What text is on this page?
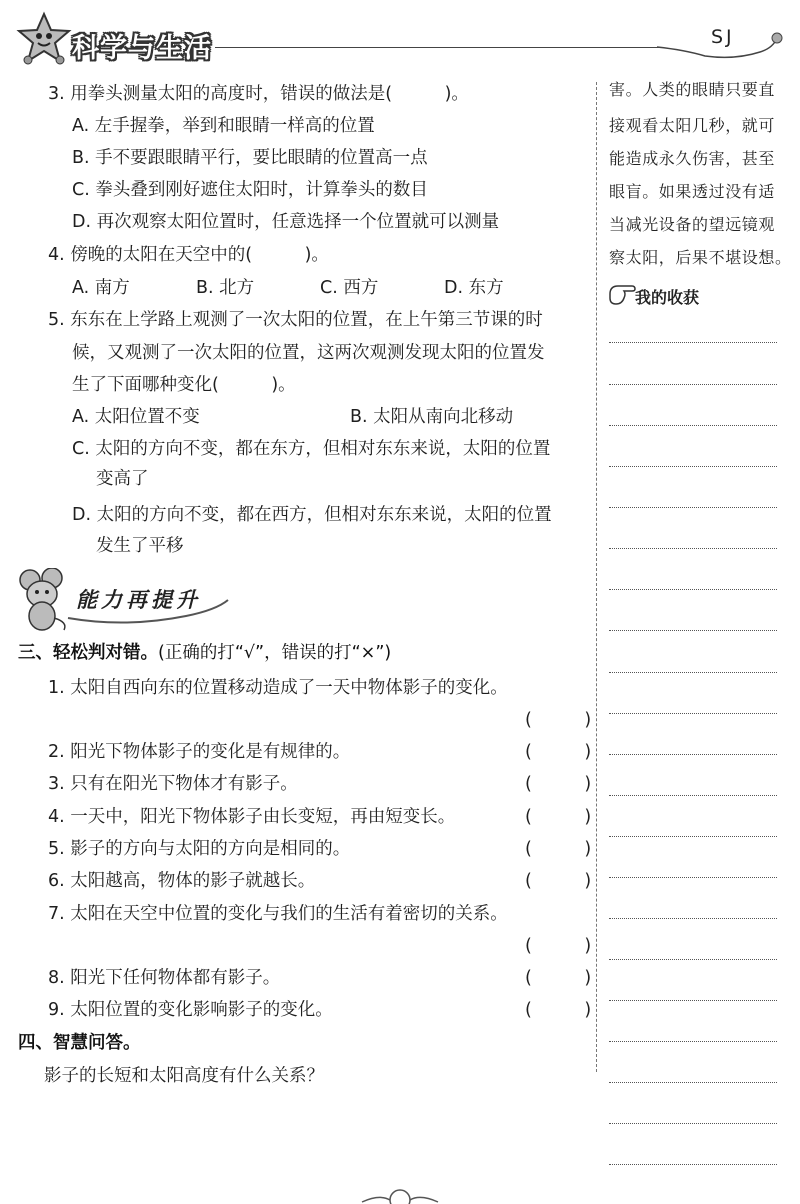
科学与生活	SJ
3. 用拳头测量太阳的高度时，错误的做法是(　　　)。
A. 左手握拳，举到和眼睛一样高的位置
B. 手不要跟眼睛平行，要比眼睛的位置高一点
C. 拳头叠到刚好遮住太阳时，计算拳头的数目
D. 再次观察太阳位置时，任意选择一个位置就可以测量
4. 傍晚的太阳在天空中的(　　　)。
A. 南方	B. 北方	C. 西方	D. 东方
5. 东东在上学路上观测了一次太阳的位置，在上午第三节课的时
候，又观测了一次太阳的位置，这两次观测发现太阳的位置发
生了下面哪种变化(　　　)。
A. 太阳位置不变	B. 太阳从南向北移动
C. 太阳的方向不变，都在东方，但相对东东来说，太阳的位置
变高了
D. 太阳的方向不变，都在西方，但相对东东来说，太阳的位置
发生了平移
能力再提升
三、轻松判对错。(正确的打“√”，错误的打“×”)
1. 太阳自西向东的位置移动造成了一天中物体影子的变化。
(　　　)
2. 阳光下物体影子的变化是有规律的。	(　　　)
3. 只有在阳光下物体才有影子。	(　　　)
4. 一天中，阳光下物体影子由长变短，再由短变长。	(　　　)
5. 影子的方向与太阳的方向是相同的。	(　　　)
6. 太阳越高，物体的影子就越长。	(　　　)
7. 太阳在天空中位置的变化与我们的生活有着密切的关系。
(　　　)
8. 阳光下任何物体都有影子。	(　　　)
9. 太阳位置的变化影响影子的变化。	(　　　)
四、智慧问答。
影子的长短和太阳高度有什么关系？
害。人类的眼睛只要直
接观看太阳几秒，就可
能造成永久伤害，甚至
眼盲。如果透过没有适
当减光设备的望远镜观
察太阳，后果不堪设想。
我的收获
